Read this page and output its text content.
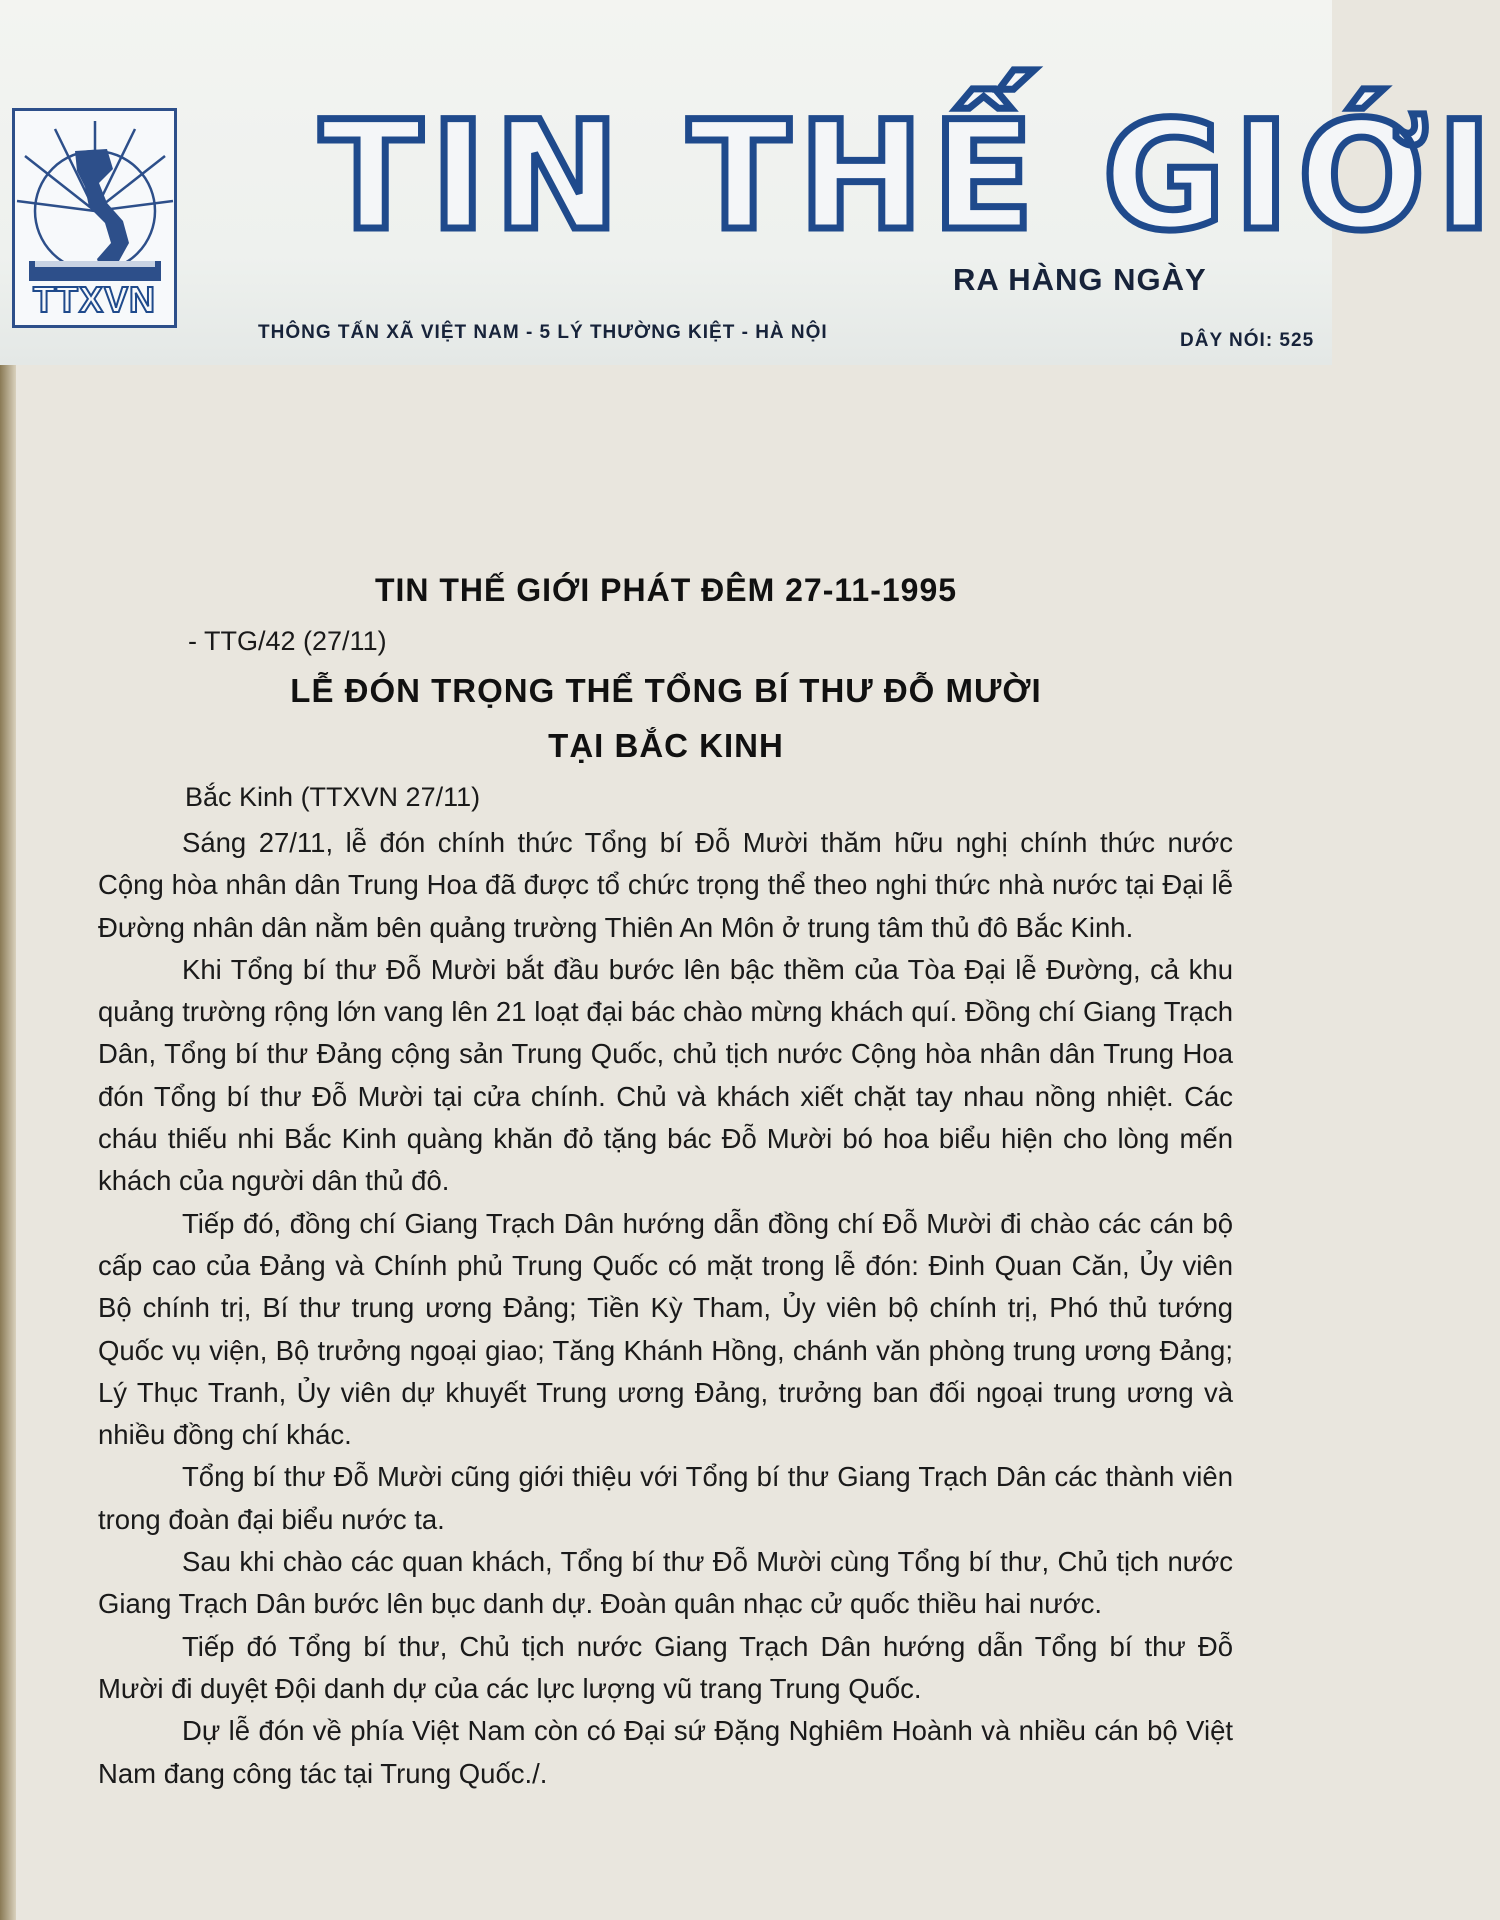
TTXVN
TIN THẾ GIỚI
RA HÀNG NGÀY
THÔNG TẤN XÃ VIỆT NAM - 5 LÝ THƯỜNG KIỆT - HÀ NỘI	DÂY NÓI: 525
TIN THẾ GIỚI PHÁT ĐÊM 27-11-1995
- TTG/42 (27/11)
LỄ ĐÓN TRỌNG THỂ TỔNG BÍ THƯ ĐỖ MƯỜI
TẠI BẮC KINH
Bắc Kinh (TTXVN 27/11)

Sáng 27/11, lễ đón chính thức Tổng bí Đỗ Mười thăm hữu nghị chính thức nước Cộng hòa nhân dân Trung Hoa đã được tổ chức trọng thể theo nghi thức nhà nước tại Đại lễ Đường nhân dân nằm bên quảng trường Thiên An Môn ở trung tâm thủ đô Bắc Kinh.

Khi Tổng bí thư Đỗ Mười bắt đầu bước lên bậc thềm của Tòa Đại lễ Đường, cả khu quảng trường rộng lớn vang lên 21 loạt đại bác chào mừng khách quí. Đồng chí Giang Trạch Dân, Tổng bí thư Đảng cộng sản Trung Quốc, chủ tịch nước Cộng hòa nhân dân Trung Hoa đón Tổng bí thư Đỗ Mười tại cửa chính. Chủ và khách xiết chặt tay nhau nồng nhiệt. Các cháu thiếu nhi Bắc Kinh quàng khăn đỏ tặng bác Đỗ Mười bó hoa biểu hiện cho lòng mến khách của người dân thủ đô.

Tiếp đó, đồng chí Giang Trạch Dân hướng dẫn đồng chí Đỗ Mười đi chào các cán bộ cấp cao của Đảng và Chính phủ Trung Quốc có mặt trong lễ đón: Đinh Quan Căn, Ủy viên Bộ chính trị, Bí thư trung ương Đảng; Tiền Kỳ Tham, Ủy viên bộ chính trị, Phó thủ tướng Quốc vụ viện, Bộ trưởng ngoại giao; Tăng Khánh Hồng, chánh văn phòng trung ương Đảng; Lý Thục Tranh, Ủy viên dự khuyết Trung ương Đảng, trưởng ban đối ngoại trung ương và nhiều đồng chí khác.

Tổng bí thư Đỗ Mười cũng giới thiệu với Tổng bí thư Giang Trạch Dân các thành viên trong đoàn đại biểu nước ta.

Sau khi chào các quan khách, Tổng bí thư Đỗ Mười cùng Tổng bí thư, Chủ tịch nước Giang Trạch Dân bước lên bục danh dự. Đoàn quân nhạc cử quốc thiều hai nước.

Tiếp đó Tổng bí thư, Chủ tịch nước Giang Trạch Dân hướng dẫn Tổng bí thư Đỗ Mười đi duyệt Đội danh dự của các lực lượng vũ trang Trung Quốc.

Dự lễ đón về phía Việt Nam còn có Đại sứ Đặng Nghiêm Hoành và nhiều cán bộ Việt Nam đang công tác tại Trung Quốc./.
